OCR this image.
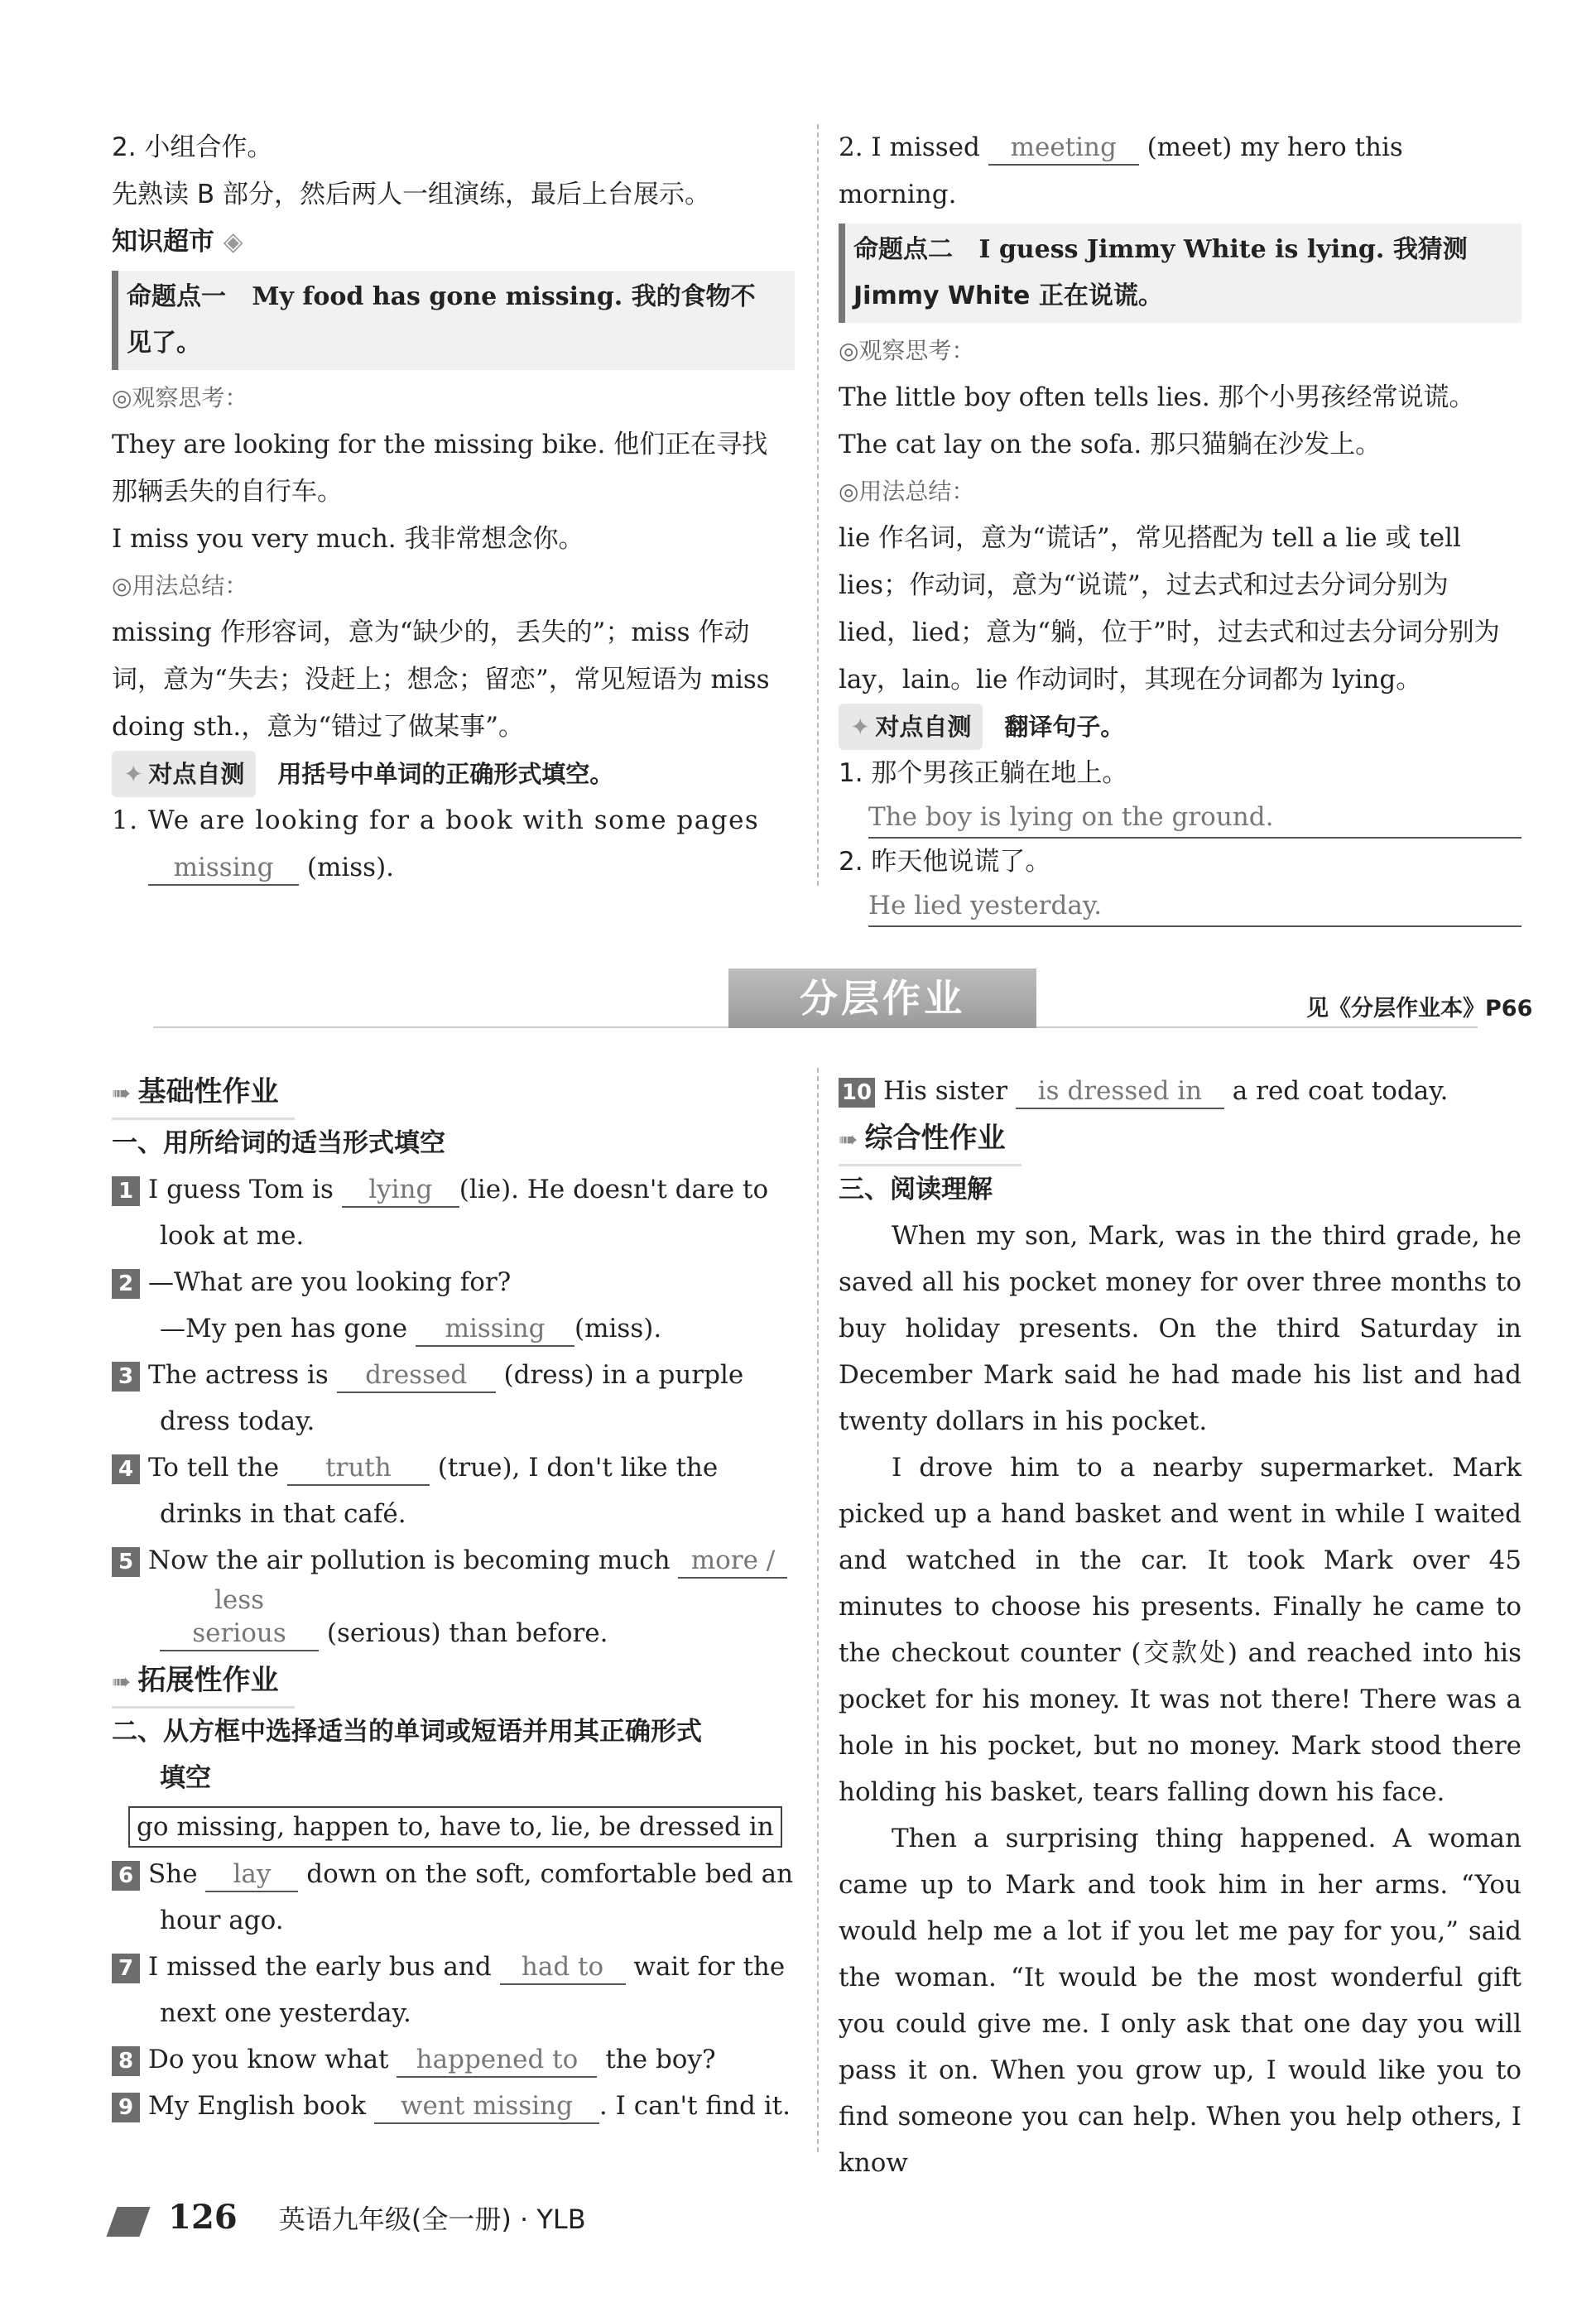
2. 小组合作。

先熟读 B 部分，然后两人一组演练，最后上台展示。

知识超市 ◈

命题点一 My food has gone missing. 我的食物不
见了。

◎观察思考：

They are looking for the missing bike. 他们正在寻找

那辆丢失的自行车。

I miss you very much. 我非常想念你。

◎用法总结：

missing 作形容词，意为“缺少的，丢失的”；miss 作动

词，意为“失去；没赶上；想念；留恋”，常见短语为 miss

doing sth.，意为“错过了做某事”。

✦ 对点自测 用括号中单词的正确形式填空。

1. We are looking for a book with some pages

missing (miss).

2. I missed meeting (meet) my hero this morning.

命题点二 I guess Jimmy White is lying. 我猜测
Jimmy White 正在说谎。

◎观察思考：

The little boy often tells lies. 那个小男孩经常说谎。

The cat lay on the sofa. 那只猫躺在沙发上。

◎用法总结：

lie 作名词，意为“谎话”，常见搭配为 tell a lie 或 tell

lies；作动词，意为“说谎”，过去式和过去分词分别为

lied，lied；意为“躺，位于”时，过去式和过去分词分别为

lay，lain。lie 作动词时，其现在分词都为 lying。

✦ 对点自测 翻译句子。

1. 那个男孩正躺在地上。

The boy is lying on the ground.

2. 昨天他说谎了。

He lied yesterday.

分层作业	见《分层作业本》P66

➠ 基础性作业

一、用所给词的适当形式填空

1 I guess Tom is lying (lie). He doesn't dare to

look at me.

2 —What are you looking for?

—My pen has gone missing (miss).

3 The actress is dressed (dress) in a purple

dress today.

4 To tell the truth (true), I don't like the

drinks in that café.

5 Now the air pollution is becoming much more /

less serious (serious) than before.

➠ 拓展性作业

二、从方框中选择适当的单词或短语并用其正确形式

填空

go missing, happen to, have to, lie, be dressed in

6 She lay down on the soft, comfortable bed an

hour ago.

7 I missed the early bus and had to wait for the

next one yesterday.

8 Do you know what happened to the boy?

9 My English book went missing . I can't find it.

10 His sister is dressed in a red coat today.

➠ 综合性作业

三、阅读理解

When my son, Mark, was in the third grade, he saved all his pocket money for over three months to buy holiday presents. On the third Saturday in December Mark said he had made his list and had twenty dollars in his pocket.

I drove him to a nearby supermarket. Mark picked up a hand basket and went in while I waited and watched in the car. It took Mark over 45 minutes to choose his presents. Finally he came to the checkout counter (交款处) and reached into his pocket for his money. It was not there! There was a hole in his pocket, but no money. Mark stood there holding his basket, tears falling down his face.

Then a surprising thing happened. A woman came up to Mark and took him in her arms. “You would help me a lot if you let me pay for you,” said the woman. “It would be the most wonderful gift you could give me. I only ask that one day you will pass it on. When you grow up, I would like you to find someone you can help. When you help others, I know

126 英语九年级(全一册) · YLB
